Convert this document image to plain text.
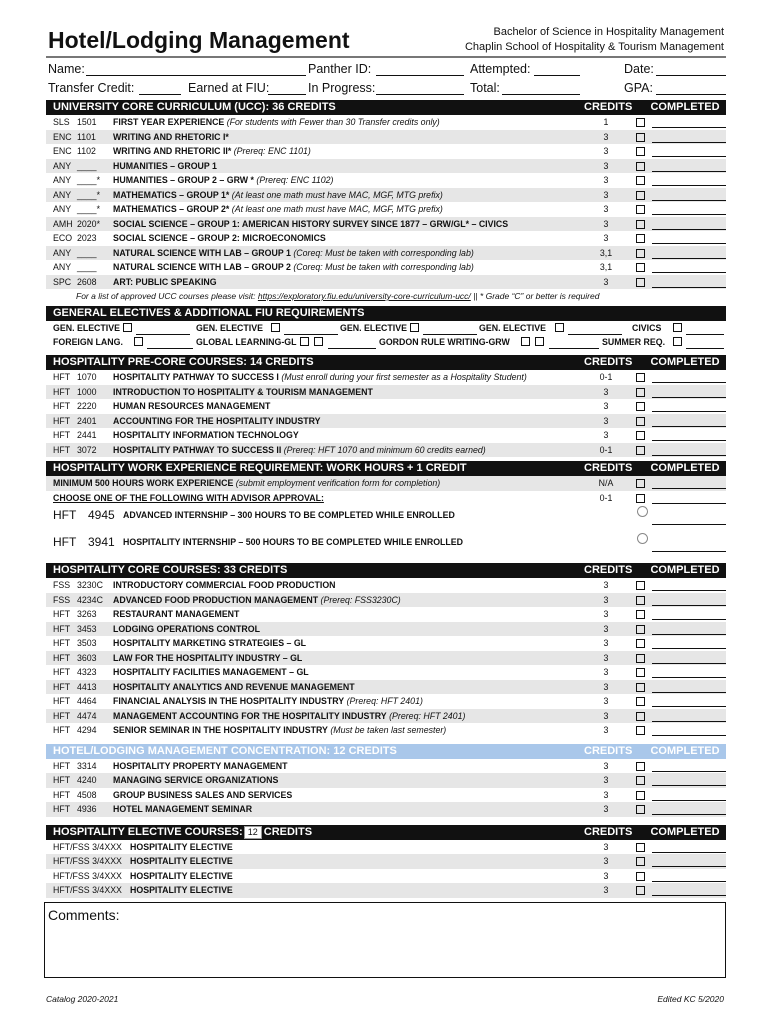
Hotel/Lodging Management	Bachelor of Science in Hospitality Management
Chaplin School of Hospitality & Tourism Management
Name:	Panther ID:	Attempted:	Date:
Transfer Credit:	Earned at FIU:	In Progress:	Total:	GPA:
UNIVERSITY CORE CURRICULUM (UCC): 36 CREDITS	CREDITS	COMPLETED
SLS 1501 FIRST YEAR EXPERIENCE (For students with Fewer than 30 Transfer credits only)	1
ENC 1101 WRITING AND RHETORIC I*	3
ENC 1102 WRITING AND RHETORIC II* (Prereq: ENC 1101)	3
ANY ____ HUMANITIES – GROUP 1	3
ANY ____* HUMANITIES – GROUP 2 – GRW * (Prereq: ENC 1102)	3
ANY ____* MATHEMATICS – GROUP 1* (At least one math must have MAC, MGF, MTG prefix)	3
ANY ____* MATHEMATICS – GROUP 2* (At least one math must have MAC, MGF, MTG prefix)	3
AMH 2020* SOCIAL SCIENCE – GROUP 1: AMERICAN HISTORY SURVEY SINCE 1877 – GRW/GL* – CIVICS	3
ECO 2023 SOCIAL SCIENCE – GROUP 2: MICROECONOMICS	3
ANY ____ NATURAL SCIENCE WITH LAB – GROUP 1 (Coreq: Must be taken with corresponding lab)	3,1
ANY ____ NATURAL SCIENCE WITH LAB – GROUP 2 (Coreq: Must be taken with corresponding lab)	3,1
SPC 2608 ART: PUBLIC SPEAKING	3
For a list of approved UCC courses please visit: https://exploratory.fiu.edu/university-core-curriculum-ucc/ || * Grade “C” or better is required
GENERAL ELECTIVES & ADDITIONAL FIU REQUIREMENTS
GEN. ELECTIVE	GEN. ELECTIVE	GEN. ELECTIVE	GEN. ELECTIVE	CIVICS
FOREIGN LANG.	GLOBAL LEARNING-GL	GORDON RULE WRITING-GRW	SUMMER REQ.
HOSPITALITY PRE-CORE COURSES: 14 CREDITS	CREDITS	COMPLETED
HFT 1070 HOSPITALITY PATHWAY TO SUCCESS I (Must enroll during your first semester as a Hospitality Student)	0-1
HFT 1000 INTRODUCTION TO HOSPITALITY & TOURISM MANAGEMENT	3
HFT 2220 HUMAN RESOURCES MANAGEMENT	3
HFT 2401 ACCOUNTING FOR THE HOSPITALITY INDUSTRY	3
HFT 2441 HOSPITALITY INFORMATION TECHNOLOGY	3
HFT 3072 HOSPITALITY PATHWAY TO SUCCESS II (Prereq: HFT 1070 and minimum 60 credits earned)	0-1
HOSPITALITY WORK EXPERIENCE REQUIREMENT: WORK HOURS + 1 CREDIT	CREDITS	COMPLETED
MINIMUM 500 HOURS WORK EXPERIENCE (submit employment verification form for completion)	N/A
CHOOSE ONE OF THE FOLLOWING WITH ADVISOR APPROVAL:	0-1
HFT 4945 ADVANCED INTERNSHIP – 300 HOURS TO BE COMPLETED WHILE ENROLLED
HFT 3941 HOSPITALITY INTERNSHIP – 500 HOURS TO BE COMPLETED WHILE ENROLLED
HOSPITALITY CORE COURSES: 33 CREDITS	CREDITS	COMPLETED
FSS 3230C INTRODUCTORY COMMERCIAL FOOD PRODUCTION	3
FSS 4234C ADVANCED FOOD PRODUCTION MANAGEMENT (Prereq: FSS3230C)	3
HFT 3263 RESTAURANT MANAGEMENT	3
HFT 3453 LODGING OPERATIONS CONTROL	3
HFT 3503 HOSPITALITY MARKETING STRATEGIES – GL	3
HFT 3603 LAW FOR THE HOSPITALITY INDUSTRY – GL	3
HFT 4323 HOSPITALITY FACILITIES MANAGEMENT – GL	3
HFT 4413 HOSPITALITY ANALYTICS AND REVENUE MANAGEMENT	3
HFT 4464 FINANCIAL ANALYSIS IN THE HOSPITALITY INDUSTRY (Prereq: HFT 2401)	3
HFT 4474 MANAGEMENT ACCOUNTING FOR THE HOSPITALITY INDUSTRY (Prereq: HFT 2401)	3
HFT 4294 SENIOR SEMINAR IN THE HOSPITALITY INDUSTRY (Must be taken last semester)	3
HOTEL/LODGING MANAGEMENT CONCENTRATION: 12 CREDITS	CREDITS	COMPLETED
HFT 3314 HOSPITALITY PROPERTY MANAGEMENT	3
HFT 4240 MANAGING SERVICE ORGANIZATIONS	3
HFT 4508 GROUP BUSINESS SALES AND SERVICES	3
HFT 4936 HOTEL MANAGEMENT SEMINAR	3
HOSPITALITY ELECTIVE COURSES: 12 CREDITS	CREDITS	COMPLETED
HFT/FSS 3/4XXX HOSPITALITY ELECTIVE	3
HFT/FSS 3/4XXX HOSPITALITY ELECTIVE	3
HFT/FSS 3/4XXX HOSPITALITY ELECTIVE	3
HFT/FSS 3/4XXX HOSPITALITY ELECTIVE	3
Comments:
Catalog 2020-2021	Edited KC 5/2020
